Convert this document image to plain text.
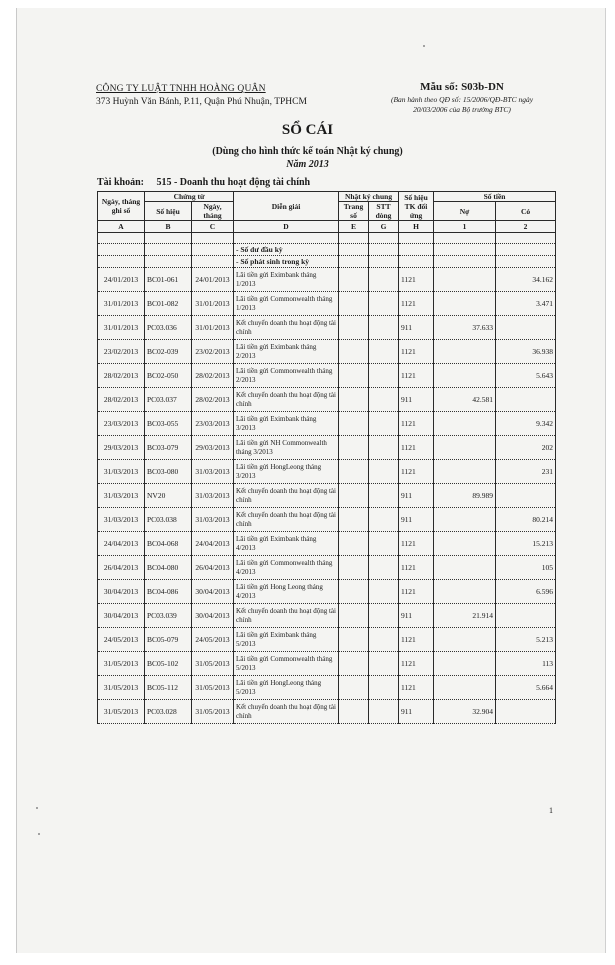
CÔNG TY LUẬT TNHH HOÀNG QUÂN
373 Huỳnh Văn Bánh, P.11, Quận Phú Nhuận, TPHCM
Mẫu số: S03b-DN
(Ban hành theo QĐ số: 15/2006/QĐ-BTC ngày
20/03/2006 của Bộ trưởng BTC)
SỔ CÁI
(Dùng cho hình thức kế toán Nhật ký chung)
Năm 2013
Tài khoản: 515 - Doanh thu hoạt động tài chính
Ngày, tháng ghi sổ	Chứng từ		Diễn giải	Nhật ký chung		Số hiệu TK đối ứng	Số tiền	
	Số hiệu	Ngày, tháng		Trang số	STT dòng		Nợ	Có
A	B	C	D	E	G	H	1	2

			- Số dư đầu kỳ					
			- Số phát sinh trong kỳ					
24/01/2013	BC01-061	24/01/2013	Lãi tiền gửi Eximbank tháng 1/2013			1121		34.162
31/01/2013	BC01-082	31/01/2013	Lãi tiền gửi Commonwealth tháng 1/2013			1121		3.471
31/01/2013	PC03.036	31/01/2013	Kết chuyển doanh thu hoạt động tài chính			911	37.633	
23/02/2013	BC02-039	23/02/2013	Lãi tiền gửi Eximbank tháng 2/2013			1121		36.938
28/02/2013	BC02-050	28/02/2013	Lãi tiền gửi Commonwealth tháng 2/2013			1121		5.643
28/02/2013	PC03.037	28/02/2013	Kết chuyển doanh thu hoạt động tài chính			911	42.581	
23/03/2013	BC03-055	23/03/2013	Lãi tiền gửi Eximbank tháng 3/2013			1121		9.342
29/03/2013	BC03-079	29/03/2013	Lãi tiền gửi NH Commonwealth tháng 3/2013			1121		202
31/03/2013	BC03-080	31/03/2013	Lãi tiền gửi HongLeong tháng 3/2013			1121		231
31/03/2013	NV20	31/03/2013	Kết chuyển doanh thu hoạt động tài chính			911	89.989	
31/03/2013	PC03.038	31/03/2013	Kết chuyển doanh thu hoạt động tài chính			911		80.214
24/04/2013	BC04-068	24/04/2013	Lãi tiền gửi Eximbank tháng 4/2013			1121		15.213
26/04/2013	BC04-080	26/04/2013	Lãi tiền gửi Commonwealth tháng 4/2013			1121		105
30/04/2013	BC04-086	30/04/2013	Lãi tiền gửi Hong Leong tháng 4/2013			1121		6.596
30/04/2013	PC03.039	30/04/2013	Kết chuyển doanh thu hoạt động tài chính			911	21.914	
24/05/2013	BC05-079	24/05/2013	Lãi tiền gửi Eximbank tháng 5/2013			1121		5.213
31/05/2013	BC05-102	31/05/2013	Lãi tiền gửi Commonwealth tháng 5/2013			1121		113
31/05/2013	BC05-112	31/05/2013	Lãi tiền gửi HongLeong tháng 5/2013			1121		5.664
31/05/2013	PC03.028	31/05/2013	Kết chuyển doanh thu hoạt động tài chính			911	32.904	
1
